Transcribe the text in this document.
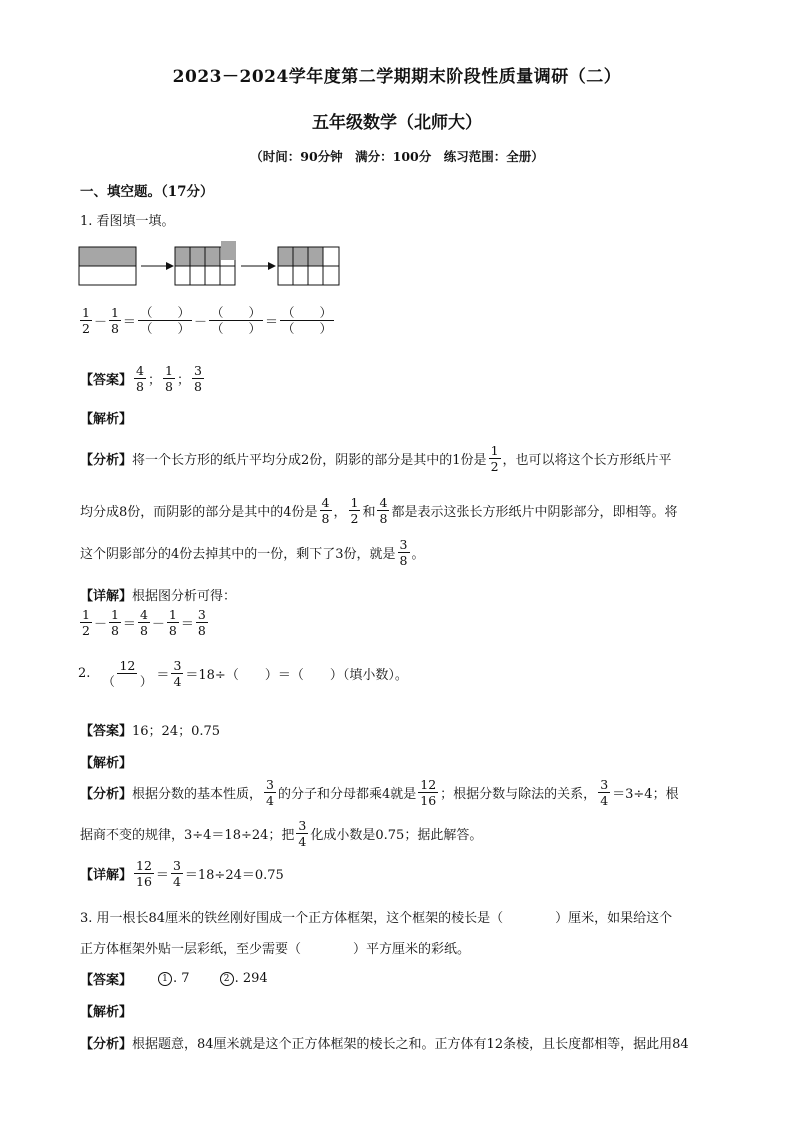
2023－2024学年度第二学期期末阶段性质量调研（二）
五年级数学（北师大）
（时间：90分钟　满分：100分　练习范围：全册）
一、填空题。（17分）
1. 看图填一填。
$\frac{1}{2} - \frac{1}{8} = \frac{( )}{( )} - \frac{( )}{( )} = \frac{( )}{( )}$
【答案】 $\frac{4}{8}$ ； $\frac{1}{8}$ ； $\frac{3}{8}$
【解析】
【分析】 将一个长方形的纸片平均分成2份，阴影的部分是其中的1份是 $\frac{1}{2}$ ，也可以将这个长方形纸片平
均分成8份，而阴影的部分是其中的4份是 $\frac{4}{8}$ ， $\frac{1}{2}$ 和 $\frac{4}{8}$ 都是表示这张长方形纸片中阴影部分，即相等。将
这个阴影部分的4份去掉其中的一份，剩下了3份，就是 $\frac{3}{8}$ 。
【详解】 根据图分析可得：
$\frac{1}{2} - \frac{1}{8} = \frac{4}{8} - \frac{1}{8} = \frac{3}{8}$
2. $\frac{12}{( )} = \frac{3}{4} =18\div$（　　）＝（　　）（填小数）。
【答案】 16；24；0.75
【解析】
【分析】 根据分数的基本性质， $\frac{3}{4}$ 的分子和分母都乘4就是 $\frac{12}{16}$ ；根据分数与除法的关系， $\frac{3}{4} =3\div 4$；根
据商不变的规律，3÷4＝18÷24；把 $\frac{3}{4}$ 化成小数是0.75；据此解答。
【详解】 $\frac{12}{16} = \frac{3}{4} =18\div 24=0.75$
3. 用一根长84厘米的铁丝刚好围成一个正方体框架，这个框架的棱长是（　　　　）厘米，如果给这个
正方体框架外贴一层彩纸，至少需要（　　　　）平方厘米的彩纸。
【答案】	1 . 7	2 . 294
【解析】
【分析】 根据题意，84厘米就是这个正方体框架的棱长之和。正方体有12条棱，且长度都相等，据此用84
